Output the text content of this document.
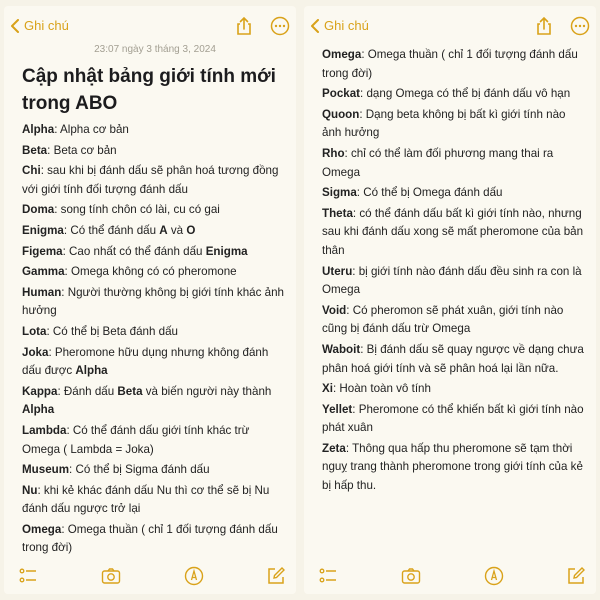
Ghi chú
23:07 ngày 3 tháng 3, 2024
Cập nhật bảng giới tính mới trong ABO
Alpha: Alpha cơ bản
Beta: Beta cơ bản
Chi: sau khi bị đánh dấu sẽ phân hoá tương đồng với giới tính đối tượng đánh dấu
Doma: song tính chôn có lài, cu có gai
Enigma: Có thể đánh dấu A và O
Figema: Cao nhất có thể đánh dấu Enigma
Gamma: Omega không có có pheromone
Human: Người thường không bị giới tính khác ảnh hưởng
Lota: Có thể bị Beta đánh dấu
Joka: Pheromone hữu dụng nhưng không đánh dấu được Alpha
Kappa: Đánh dấu Beta và biến người này thành Alpha
Lambda: Có thể đánh dấu giới tính khác trừ Omega ( Lambda = Joka)
Museum: Có thể bị Sigma đánh dấu
Nu: khi kẻ khác đánh dấu Nu thì cơ thể sẽ bị Nu đánh dấu ngược trở lại
Omega: Omega thuần ( chỉ 1 đối tượng đánh dấu trong đời)
Ghi chú
Omega: Omega thuần ( chỉ 1 đối tượng đánh dấu trong đời)
Pockat: dạng Omega có thể bị đánh dấu vô hạn
Quoon: Dạng beta không bị bất kì giới tính nào ảnh hưởng
Rho: chỉ có thể làm đối phương mang thai ra Omega
Sigma: Có thể bị Omega đánh dấu
Theta: có thể đánh dấu bất kì giới tính nào, nhưng sau khi đánh dấu xong sẽ mất pheromone của bản thân
Uteru: bị giới tính nào đánh dấu đều sinh ra con là Omega
Void: Có pheromon sẽ phát xuân, giới tính nào cũng bị đánh dấu trừ Omega
Waboit: Bị đánh dấu sẽ quay ngược về dạng chưa phân hoá giới tính và sẽ phân hoá lại lần nữa.
Xi: Hoàn toàn vô tính
Yellet: Pheromone có thể khiến bất kì giới tính nào phát xuân
Zeta: Thông qua hấp thu pheromone sẽ tạm thời nguỵ trang thành pheromone trong giới tính của kẻ bị hấp thu.
